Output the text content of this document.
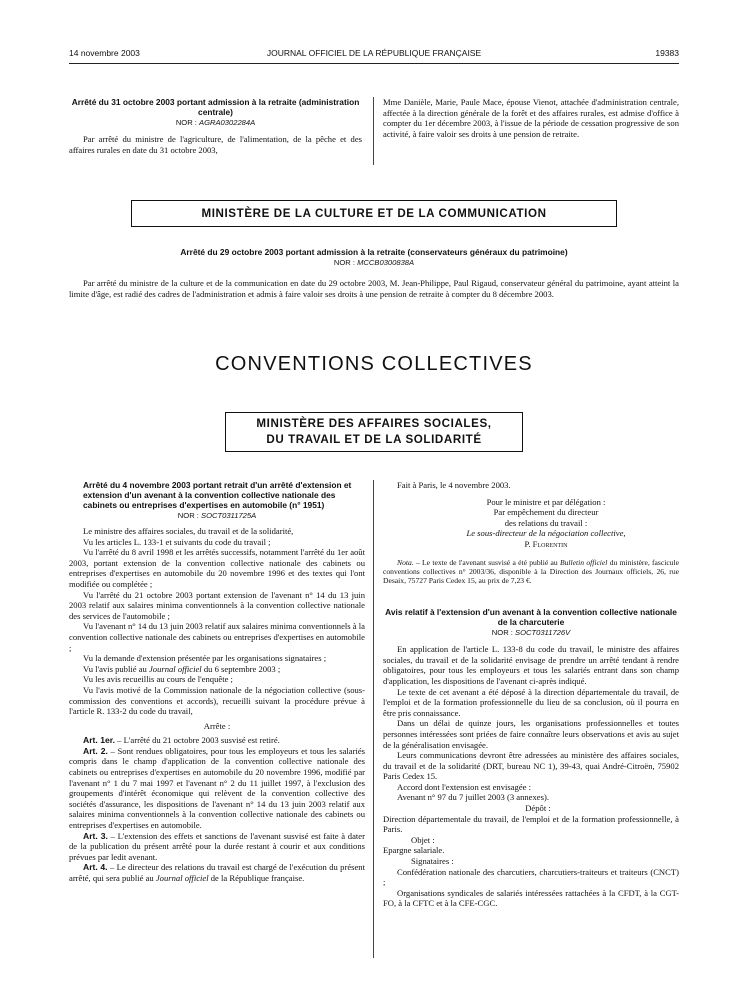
14 novembre 2003	JOURNAL OFFICIEL DE LA RÉPUBLIQUE FRANÇAISE	19383
Arrêté du 31 octobre 2003 portant admission à la retraite (administration centrale)
NOR : AGRA0302284A

Par arrêté du ministre de l'agriculture, de l'alimentation, de la pêche et des affaires rurales en date du 31 octobre 2003,

Mme Danièle, Marie, Paule Mace, épouse Vienot, attachée d'administration centrale, affectée à la direction générale de la forêt et des affaires rurales, est admise d'office à compter du 1er décembre 2003, à l'issue de la période de cessation progressive de son activité, à faire valoir ses droits à une pension de retraite.

MINISTÈRE DE LA CULTURE ET DE LA COMMUNICATION
Arrêté du 29 octobre 2003 portant admission à la retraite (conservateurs généraux du patrimoine)
NOR : MCCB0300838A

Par arrêté du ministre de la culture et de la communication en date du 29 octobre 2003, M. Jean-Philippe, Paul Rigaud, conservateur général du patrimoine, ayant atteint la limite d'âge, est radié des cadres de l'administration et admis à faire valoir ses droits à une pension de retraite à compter du 8 décembre 2003.

CONVENTIONS COLLECTIVES
MINISTÈRE DES AFFAIRES SOCIALES,
DU TRAVAIL ET DE LA SOLIDARITÉ
Arrêté du 4 novembre 2003 portant retrait d'un arrêté d'extension et extension d'un avenant à la convention collective nationale des cabinets ou entreprises d'expertises en automobile (n° 1951)
NOR : SOCT0311725A

Le ministre des affaires sociales, du travail et de la solidarité,

Vu les articles L. 133-1 et suivants du code du travail ;

Vu l'arrêté du 8 avril 1998 et les arrêtés successifs, notamment l'arrêté du 1er août 2003, portant extension de la convention collective nationale des cabinets ou entreprises d'expertises en automobile du 20 novembre 1996 et des textes qui l'ont modifiée ou complétée ;

Vu l'arrêté du 21 octobre 2003 portant extension de l'avenant n° 14 du 13 juin 2003 relatif aux salaires minima conventionnels à la convention collective nationale des services de l'automobile ;

Vu l'avenant n° 14 du 13 juin 2003 relatif aux salaires minima conventionnels à la convention collective nationale des cabinets ou entreprises d'expertises en automobile ;

Vu la demande d'extension présentée par les organisations signataires ;

Vu l'avis publié au Journal officiel du 6 septembre 2003 ;

Vu les avis recueillis au cours de l'enquête ;

Vu l'avis motivé de la Commission nationale de la négociation collective (sous-commission des conventions et accords), recueilli suivant la procédure prévue à l'article R. 133-2 du code du travail,

Arrête :

Art. 1er. – L'arrêté du 21 octobre 2003 susvisé est retiré.

Art. 2. – Sont rendues obligatoires, pour tous les employeurs et tous les salariés compris dans le champ d'application de la convention collective nationale des cabinets ou entreprises d'expertises en automobile du 20 novembre 1996, modifié par l'avenant n° 1 du 7 mai 1997 et l'avenant n° 2 du 11 juillet 1997, à l'exclusion des groupements d'intérêt économique qui relèvent de la convention collective des sociétés d'assurance, les dispositions de l'avenant n° 14 du 13 juin 2003 relatif aux salaires minima conventionnels à la convention collective nationale des cabinets ou entreprises d'expertises en automobile.

Art. 3. – L'extension des effets et sanctions de l'avenant susvisé est faite à dater de la publication du présent arrêté pour la durée restant à courir et aux conditions prévues par ledit avenant.

Art. 4. – Le directeur des relations du travail est chargé de l'exécution du présent arrêté, qui sera publié au Journal officiel de la République française.

Fait à Paris, le 4 novembre 2003.

Pour le ministre et par délégation :
Par empêchement du directeur
des relations du travail :
Le sous-directeur de la négociation collective,
P. Florentin

Nota. – Le texte de l'avenant susvisé a été publié au Bulletin officiel du ministère, fascicule conventions collectives n° 2003/36, disponible à la Direction des Journaux officiels, 26, rue Desaix, 75727 Paris Cedex 15, au prix de 7,23 €.

Avis relatif à l'extension d'un avenant à la convention collective nationale de la charcuterie
NOR : SOCT0311726V

En application de l'article L. 133-8 du code du travail, le ministre des affaires sociales, du travail et de la solidarité envisage de prendre un arrêté tendant à rendre obligatoires, pour tous les employeurs et tous les salariés entrant dans son champ d'application, les dispositions de l'avenant ci-après indiqué.

Le texte de cet avenant a été déposé à la direction départementale du travail, de l'emploi et de la formation professionnelle du lieu de sa conclusion, où il pourra en être pris connaissance.

Dans un délai de quinze jours, les organisations professionnelles et toutes personnes intéressées sont priées de faire connaître leurs observations et avis au sujet de la généralisation envisagée.

Leurs communications devront être adressées au ministère des affaires sociales, du travail et de la solidarité (DRT, bureau NC 1), 39-43, quai André-Citroën, 75902 Paris Cedex 15.

Accord dont l'extension est envisagée :

Avenant n° 97 du 7 juillet 2003 (3 annexes).

Dépôt :

Direction départementale du travail, de l'emploi et de la formation professionnelle, à Paris.

Objet :

Epargne salariale.

Signataires :

Confédération nationale des charcutiers, charcutiers-traiteurs et traiteurs (CNCT) ;

Organisations syndicales de salariés intéressées rattachées à la CFDT, à la CGT-FO, à la CFTC et à la CFE-CGC.
